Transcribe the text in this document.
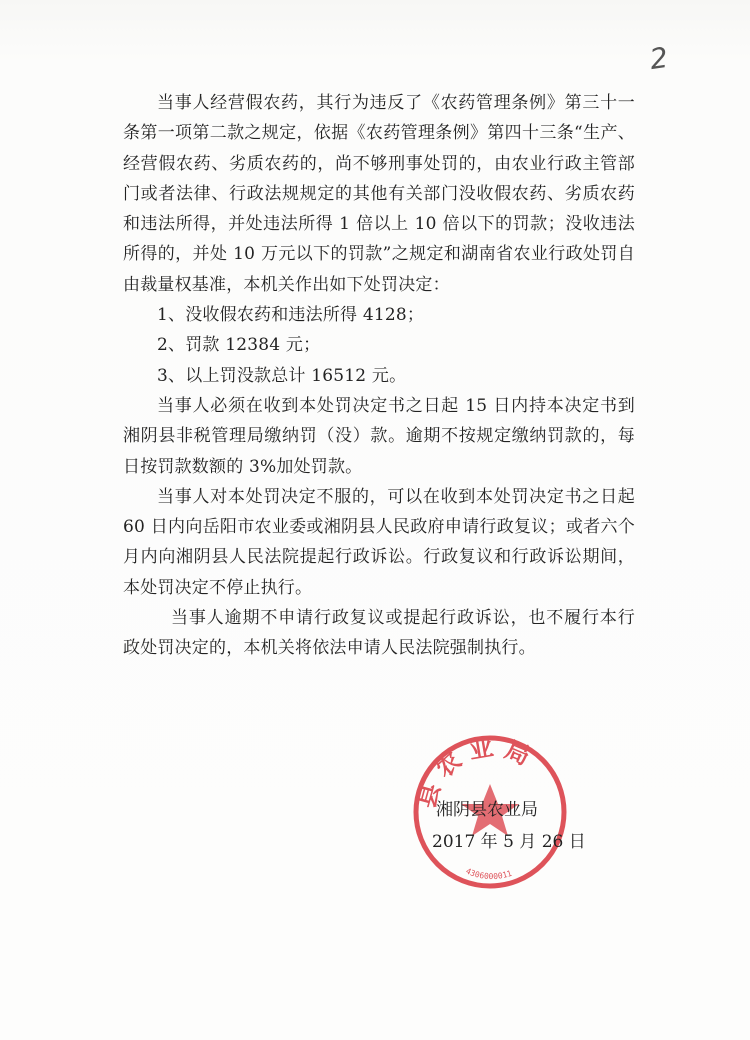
2

当事人经营假农药，其行为违反了《农药管理条例》第三十一条第一项第二款之规定，依据《农药管理条例》第四十三条“生产、经营假农药、劣质农药的，尚不够刑事处罚的，由农业行政主管部门或者法律、行政法规规定的其他有关部门没收假农药、劣质农药和违法所得，并处违法所得 1 倍以上 10 倍以下的罚款；没收违法所得的，并处 10 万元以下的罚款”之规定和湖南省农业行政处罚自由裁量权基准，本机关作出如下处罚决定：

1、没收假农药和违法所得 4128；

2、罚款 12384 元；

3、以上罚没款总计 16512 元。

当事人必须在收到本处罚决定书之日起 15 日内持本决定书到湘阴县非税管理局缴纳罚（没）款。逾期不按规定缴纳罚款的，每日按罚款数额的 3%加处罚款。

当事人对本处罚决定不服的，可以在收到本处罚决定书之日起 60 日内向岳阳市农业委或湘阴县人民政府申请行政复议；或者六个月内向湘阴县人民法院提起行政诉讼。行政复议和行政诉讼期间，本处罚决定不停止执行。

当事人逾期不申请行政复议或提起行政诉讼，也不履行本行政处罚决定的，本机关将依法申请人民法院强制执行。

县 农 业 局
4306000011
湘阴县农业局
2017 年 5 月 26 日
